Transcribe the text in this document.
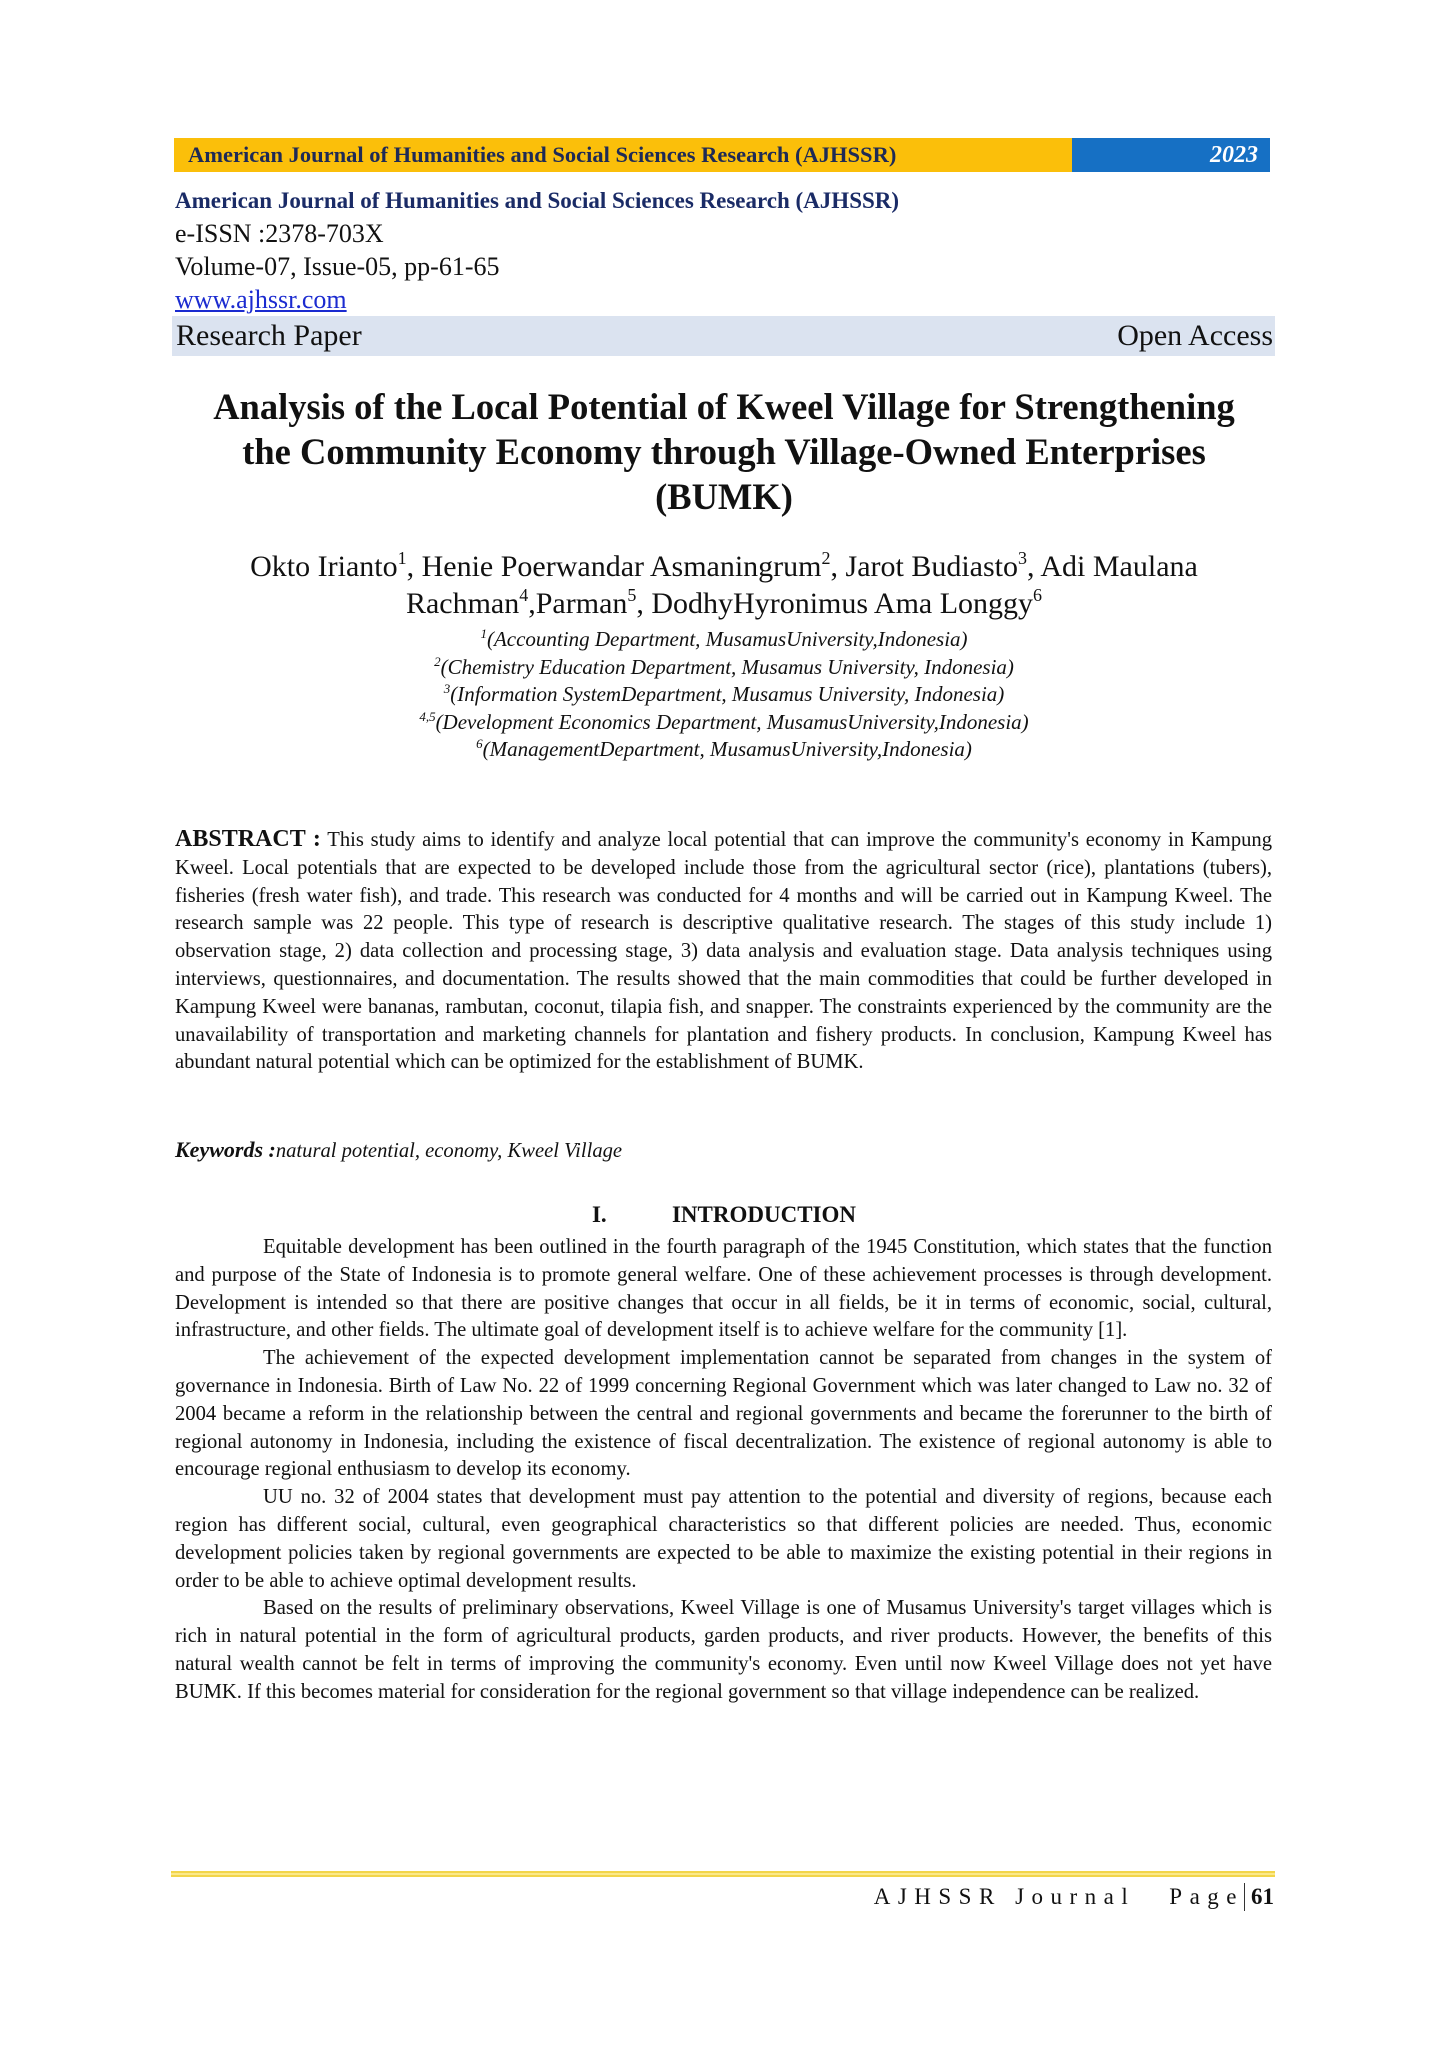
American Journal of Humanities and Social Sciences Research (AJHSSR)	2023
American Journal of Humanities and Social Sciences Research (AJHSSR)
e-ISSN :2378-703X
Volume-07, Issue-05, pp-61-65
www.ajhssr.com
Research Paper	Open Access
Analysis of the Local Potential of Kweel Village for Strengthening
the Community Economy through Village-Owned Enterprises
(BUMK)
Okto Irianto$^1$, Henie Poerwandar Asmaningrum$^2$, Jarot Budiasto$^3$, Adi Maulana
Rachman$^4$,Parman$^5$, DodhyHyronimus Ama Longgy$^6$
$^1$(Accounting Department, MusamusUniversity,Indonesia)
$^2$(Chemistry Education Department, Musamus University, Indonesia)
$^3$(Information SystemDepartment, Musamus University, Indonesia)
$^{4,5}$(Development Economics Department, MusamusUniversity,Indonesia)
$^6$(ManagementDepartment, MusamusUniversity,Indonesia)
ABSTRACT : This study aims to identify and analyze local potential that can improve the community's economy in Kampung Kweel. Local potentials that are expected to be developed include those from the agricultural sector (rice), plantations (tubers), fisheries (fresh water fish), and trade. This research was conducted for 4 months and will be carried out in Kampung Kweel. The research sample was 22 people. This type of research is descriptive qualitative research. The stages of this study include 1) observation stage, 2) data collection and processing stage, 3) data analysis and evaluation stage. Data analysis techniques using interviews, questionnaires, and documentation. The results showed that the main commodities that could be further developed in Kampung Kweel were bananas, rambutan, coconut, tilapia fish, and snapper. The constraints experienced by the community are the unavailability of transportation and marketing channels for plantation and fishery products. In conclusion, Kampung Kweel has abundant natural potential which can be optimized for the establishment of BUMK.
Keywords :natural potential, economy, Kweel Village
I.	INTRODUCTION

Equitable development has been outlined in the fourth paragraph of the 1945 Constitution, which states that the function and purpose of the State of Indonesia is to promote general welfare. One of these achievement processes is through development. Development is intended so that there are positive changes that occur in all fields, be it in terms of economic, social, cultural, infrastructure, and other fields. The ultimate goal of development itself is to achieve welfare for the community [1].

The achievement of the expected development implementation cannot be separated from changes in the system of governance in Indonesia. Birth of Law No. 22 of 1999 concerning Regional Government which was later changed to Law no. 32 of 2004 became a reform in the relationship between the central and regional governments and became the forerunner to the birth of regional autonomy in Indonesia, including the existence of fiscal decentralization. The existence of regional autonomy is able to encourage regional enthusiasm to develop its economy.

UU no. 32 of 2004 states that development must pay attention to the potential and diversity of regions, because each region has different social, cultural, even geographical characteristics so that different policies are needed. Thus, economic development policies taken by regional governments are expected to be able to maximize the existing potential in their regions in order to be able to achieve optimal development results.

Based on the results of preliminary observations, Kweel Village is one of Musamus University's target villages which is rich in natural potential in the form of agricultural products, garden products, and river products. However, the benefits of this natural wealth cannot be felt in terms of improving the community's economy. Even until now Kweel Village does not yet have BUMK. If this becomes material for consideration for the regional government so that village independence can be realized.

AJHSSR Journal Page 61
